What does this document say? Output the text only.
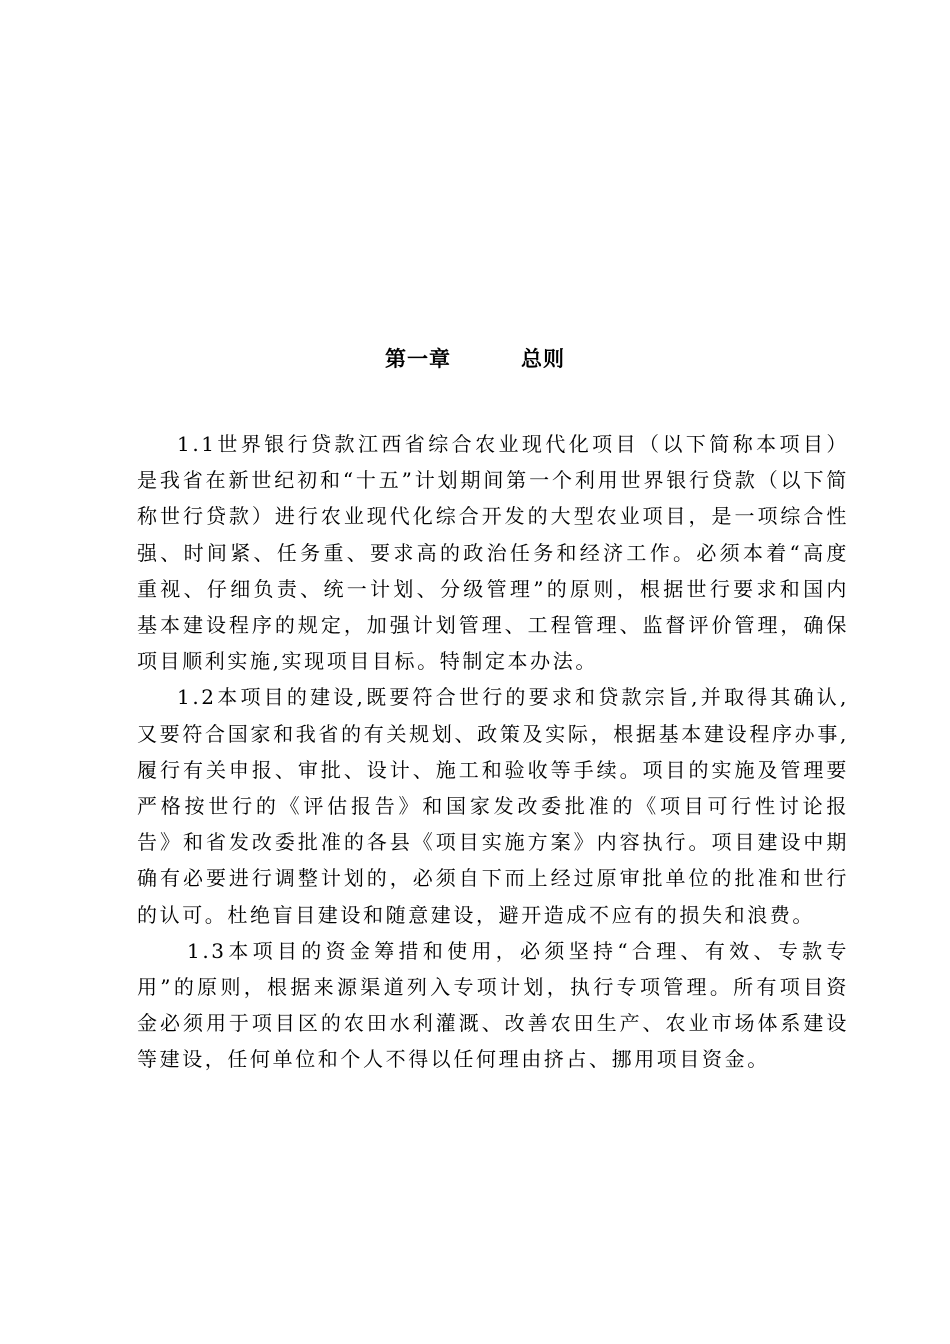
第一章	总则

1.1世界银行贷款江西省综合农业现代化项目（以下简称本项目）是我省在新世纪初和“十五”计划期间第一个利用世界银行贷款（以下简称世行贷款）进行农业现代化综合开发的大型农业项目，是一项综合性强、时间紧、任务重、要求高的政治任务和经济工作。必须本着“高度重视、仔细负责、统一计划、分级管理”的原则，根据世行要求和国内基本建设程序的规定，加强计划管理、工程管理、监督评价管理，确保项目顺利实施,实现项目目标。特制定本办法。

1.2本项目的建设,既要符合世行的要求和贷款宗旨,并取得其确认,又要符合国家和我省的有关规划、政策及实际，根据基本建设程序办事,履行有关申报、审批、设计、施工和验收等手续。项目的实施及管理要严格按世行的《评估报告》和国家发改委批准的《项目可行性讨论报告》和省发改委批准的各县《项目实施方案》内容执行。项目建设中期确有必要进行调整计划的，必须自下而上经过原审批单位的批准和世行的认可。杜绝盲目建设和随意建设，避开造成不应有的损失和浪费。

1.3本项目的资金筹措和使用，必须坚持“合理、有效、专款专用”的原则，根据来源渠道列入专项计划，执行专项管理。所有项目资金必须用于项目区的农田水利灌溉、改善农田生产、农业市场体系建设等建设，任何单位和个人不得以任何理由挤占、挪用项目资金。
